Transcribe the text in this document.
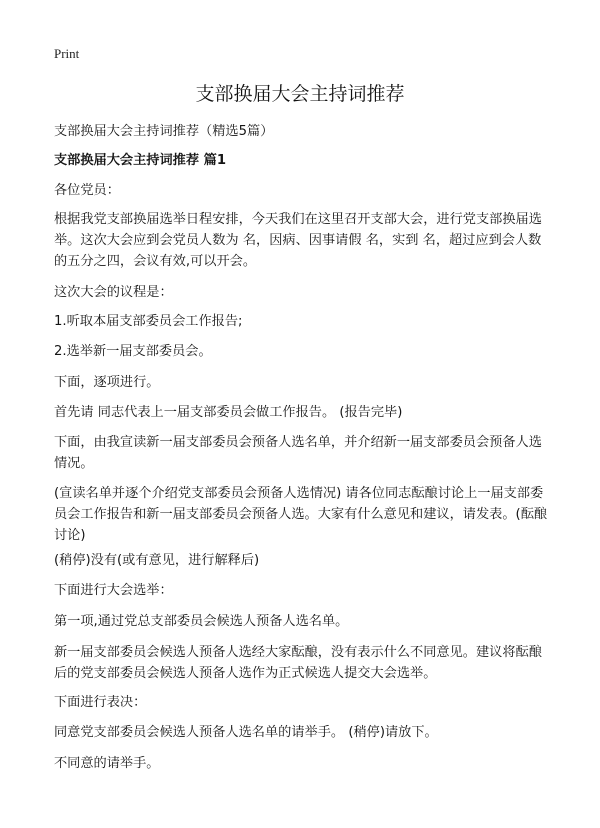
Print
支部换届大会主持词推荐

支部换届大会主持词推荐（精选5篇）

支部换届大会主持词推荐 篇1

各位党员：

根据我党支部换届选举日程安排，今天我们在这里召开支部大会，进行党支部换届选举。这次大会应到会党员人数为 名，因病、因事请假 名，实到 名，超过应到会人数的五分之四，会议有效,可以开会。

这次大会的议程是：

1.听取本届支部委员会工作报告;

2.选举新一届支部委员会。

下面，逐项进行。

首先请 同志代表上一届支部委员会做工作报告。 (报告完毕)

下面，由我宣读新一届支部委员会预备人选名单，并介绍新一届支部委员会预备人选情况。

(宣读名单并逐个介绍党支部委员会预备人选情况) 请各位同志酝酿讨论上一届支部委员会工作报告和新一届支部委员会预备人选。大家有什么意见和建议，请发表。(酝酿讨论)

(稍停)没有(或有意见，进行解释后)

下面进行大会选举：

第一项,通过党总支部委员会候选人预备人选名单。

新一届支部委员会候选人预备人选经大家酝酿，没有表示什么不同意见。建议将酝酿后的党支部委员会候选人预备人选作为正式候选人提交大会选举。

下面进行表决：

同意党支部委员会候选人预备人选名单的请举手。 (稍停)请放下。

不同意的请举手。
